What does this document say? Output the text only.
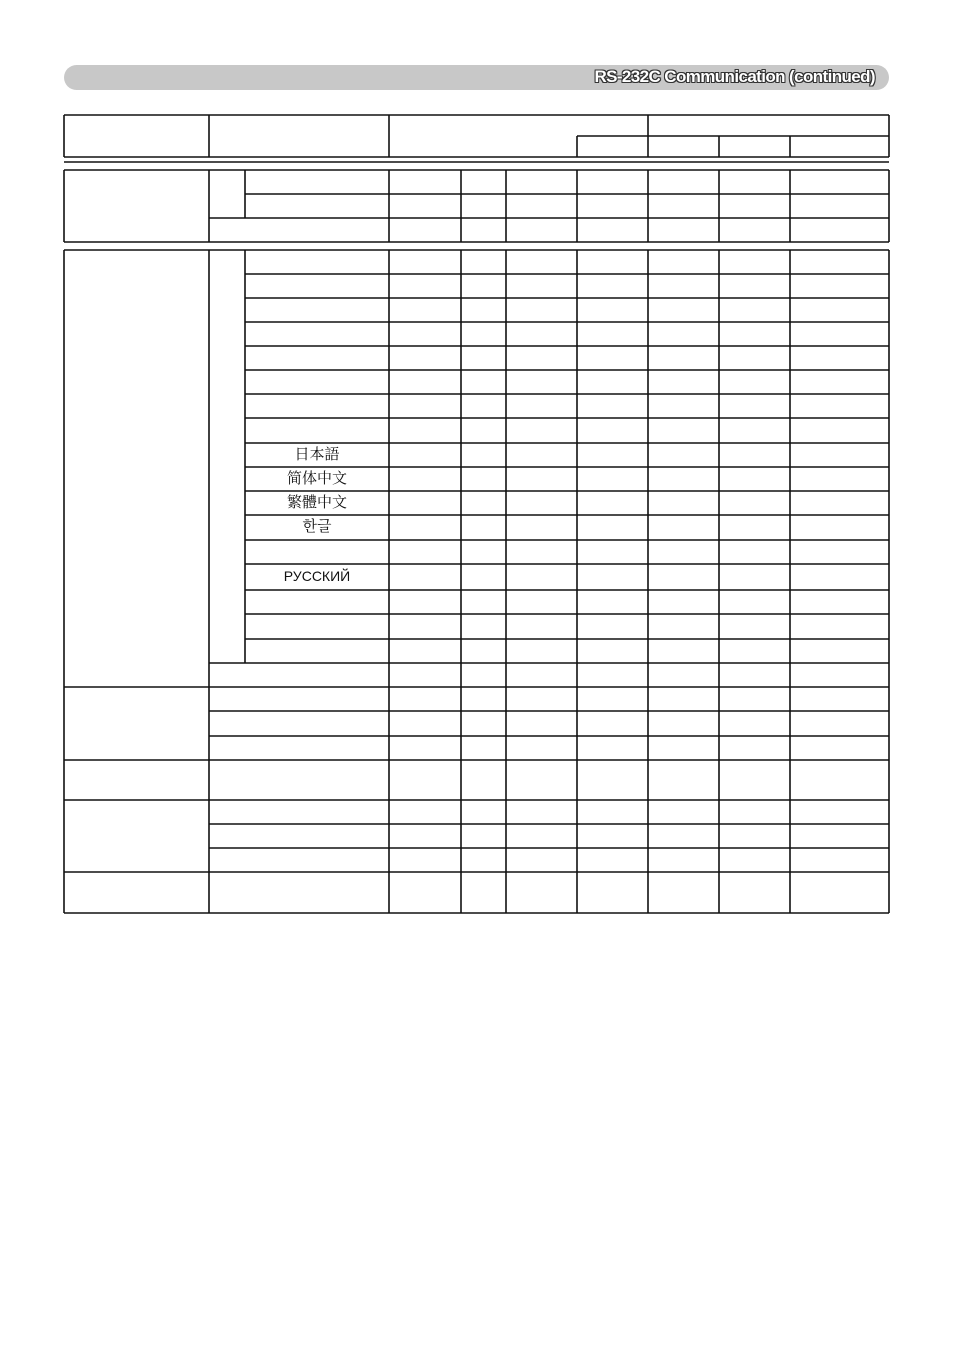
RS-232C Communication (continued)
日本語
简体中文
繁體中文
한글
РУССКИЙ
